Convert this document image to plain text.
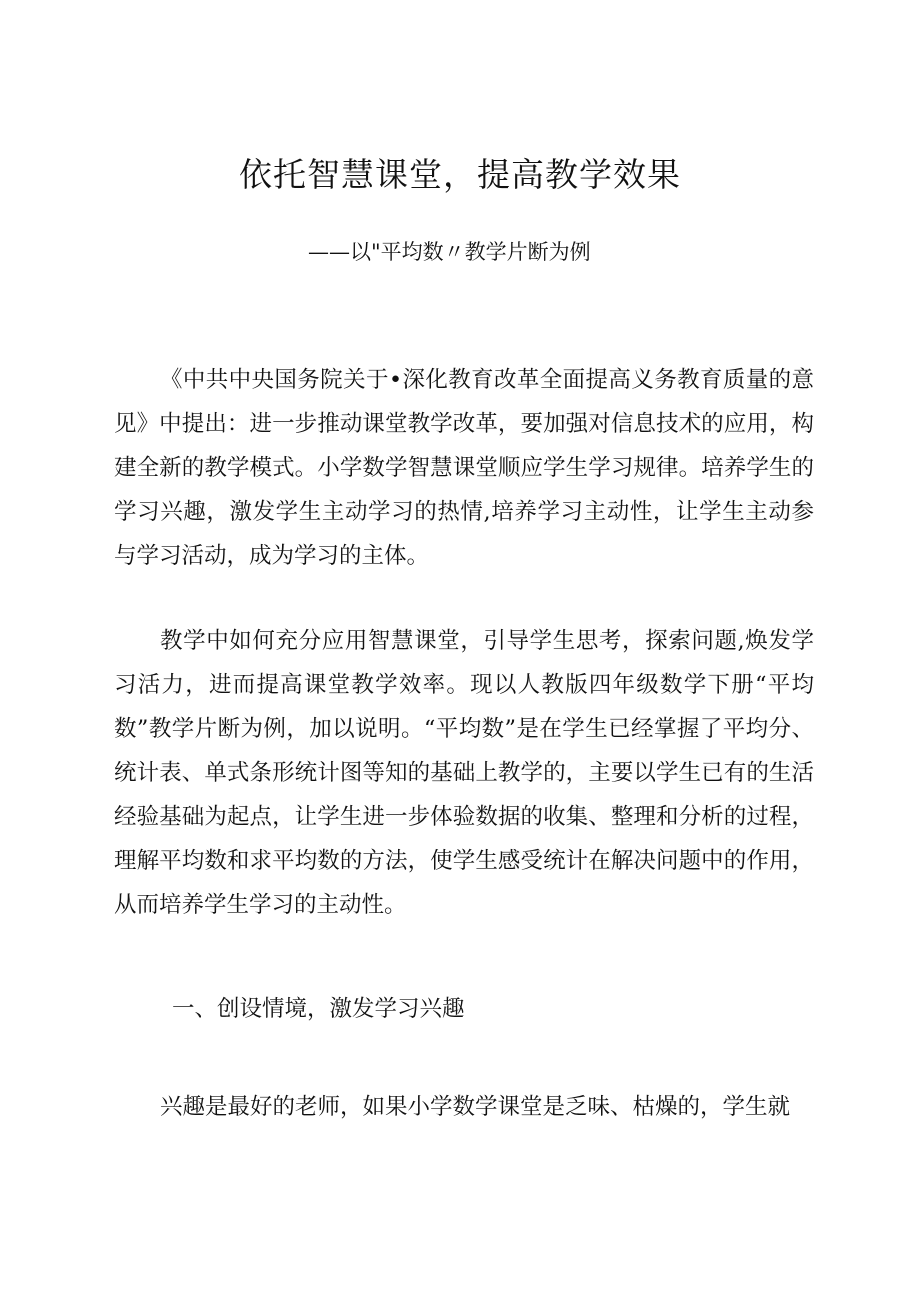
依托智慧课堂，提高教学效果

——以"平均数〃教学片断为例

《中共中央国务院关于•深化教育改革全面提高义务教育质量的意见》中提出：进一步推动课堂教学改革，要加强对信息技术的应用，构建全新的教学模式。小学数学智慧课堂顺应学生学习规律。培养学生的学习兴趣，激发学生主动学习的热情,培养学习主动性，让学生主动参与学习活动，成为学习的主体。

教学中如何充分应用智慧课堂，引导学生思考，探索问题,焕发学习活力，进而提高课堂教学效率。现以人教版四年级数学下册“平均数”教学片断为例，加以说明。“平均数”是在学生已经掌握了平均分、统计表、单式条形统计图等知的基础上教学的，主要以学生已有的生活经验基础为起点，让学生进一步体验数据的收集、整理和分析的过程，理解平均数和求平均数的方法，使学生感受统计在解决问题中的作用，从而培养学生学习的主动性。

一、创设情境，激发学习兴趣

兴趣是最好的老师，如果小学数学课堂是乏味、枯燥的，学生就
